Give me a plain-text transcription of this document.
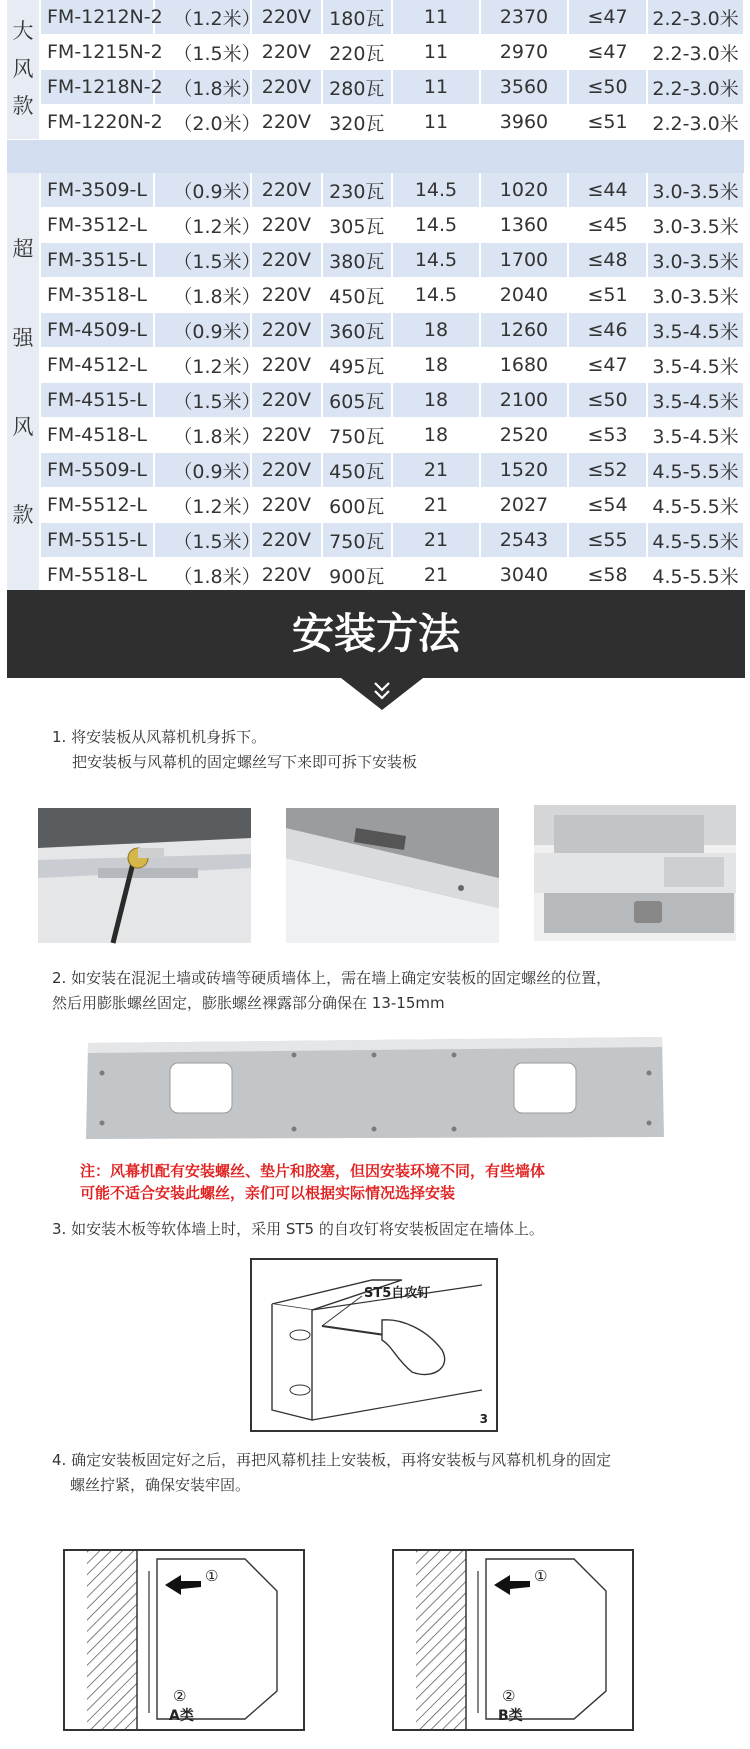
大
风
款	FM-1212N-2	（1.2米）	220V	180瓦	11	2370	≤47	2.2-3.0米
	FM-1215N-2	（1.5米）	220V	220瓦	11	2970	≤47	2.2-3.0米
	FM-1218N-2	（1.8米）	220V	280瓦	11	3560	≤50	2.2-3.0米
	FM-1220N-2	（2.0米）	220V	320瓦	11	3960	≤51	2.2-3.0米

超
强
风
款	FM-3509-L	（0.9米）	220V	230瓦	14.5	1020	≤44	3.0-3.5米
	FM-3512-L	（1.2米）	220V	305瓦	14.5	1360	≤45	3.0-3.5米
	FM-3515-L	（1.5米）	220V	380瓦	14.5	1700	≤48	3.0-3.5米
	FM-3518-L	（1.8米）	220V	450瓦	14.5	2040	≤51	3.0-3.5米
	FM-4509-L	（0.9米）	220V	360瓦	18	1260	≤46	3.5-4.5米
	FM-4512-L	（1.2米）	220V	495瓦	18	1680	≤47	3.5-4.5米
	FM-4515-L	（1.5米）	220V	605瓦	18	2100	≤50	3.5-4.5米
	FM-4518-L	（1.8米）	220V	750瓦	18	2520	≤53	3.5-4.5米
	FM-5509-L	（0.9米）	220V	450瓦	21	1520	≤52	4.5-5.5米
	FM-5512-L	（1.2米）	220V	600瓦	21	2027	≤54	4.5-5.5米
	FM-5515-L	（1.5米）	220V	750瓦	21	2543	≤55	4.5-5.5米
	FM-5518-L	（1.8米）	220V	900瓦	21	3040	≤58	4.5-5.5米
安装方法
1. 将安装板从风幕机机身拆下。
把安装板与风幕机的固定螺丝写下来即可拆下安装板
2. 如安装在混泥土墙或砖墙等硬质墙体上，需在墙上确定安装板的固定螺丝的位置，
然后用膨胀螺丝固定，膨胀螺丝裸露部分确保在 13-15mm
注：风幕机配有安装螺丝、垫片和胶塞，但因安装环境不同，有些墙体
可能不适合安装此螺丝，亲们可以根据实际情况选择安装
3. 如安装木板等软体墙上时，采用 ST5 的自攻钉将安装板固定在墙体上。
ST5自攻钉
3
4. 确定安装板固定好之后，再把风幕机挂上安装板，再将安装板与风幕机机身的固定
螺丝拧紧，确保安装牢固。
①
②
A类
①
②
B类
